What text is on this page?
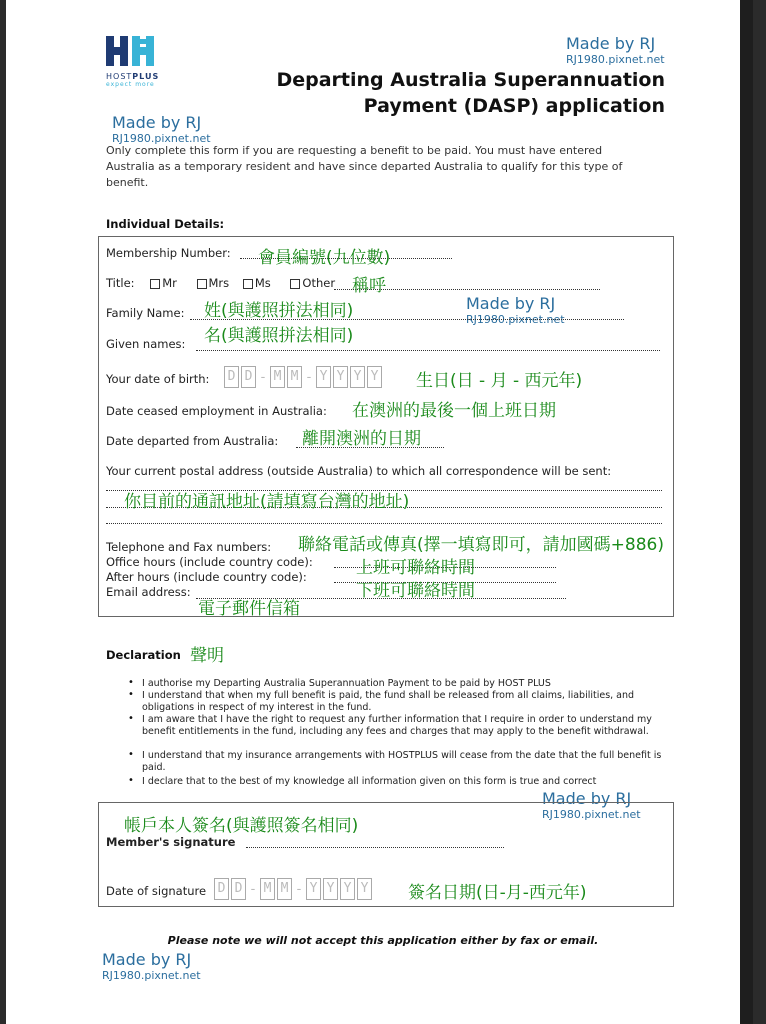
HOSTPLUS
expect more
Made by RJ
RJ1980.pixnet.net
Made by RJ
RJ1980.pixnet.net
Made by RJ
RJ1980.pixnet.net
Made by RJ
RJ1980.pixnet.net
Made by RJ
RJ1980.pixnet.net
Departing Australia Superannuation
Payment (DASP) application
Only complete this form if you are requesting a benefit to be paid. You must have entered Australia as a temporary resident and have since departed Australia to qualify for this type of benefit.
Individual Details:
Membership Number: 會員編號(九位數)
Title: Mr	Mrs Ms	Other 稱呼
Family Name: 姓(與護照拼法相同)
Given names: 名(與護照拼法相同)
Your date of birth: D D - M M - Y Y Y Y 生日(日 - 月 - 西元年)
Date ceased employment in Australia: 在澳洲的最後一個上班日期
Date departed from Australia: 離開澳洲的日期
Your current postal address (outside Australia) to which all correspondence will be sent:
你目前的通訊地址(請填寫台灣的地址)
Telephone and Fax numbers: 聯絡電話或傳真(擇一填寫即可，請加國碼+886)
Office hours (include country code):	上班可聯絡時間
After hours (include country code):
下班可聯絡時間
Email address:
電子郵件信箱
Declaration 聲明
• I authorise my Departing Australia Superannuation Payment to be paid by HOST PLUS
• I understand that when my full benefit is paid, the fund shall be released from all claims, liabilities, and obligations in respect of my interest in the fund.
• I am aware that I have the right to request any further information that I require in order to understand my benefit entitlements in the fund, including any fees and charges that may apply to the benefit withdrawal.
• I understand that my insurance arrangements with HOSTPLUS will cease from the date that the full benefit is paid.
• I declare that to the best of my knowledge all information given on this form is true and correct
帳戶本人簽名(與護照簽名相同)
Member's signature
Date of signature D D - M M - Y Y Y Y 簽名日期(日-月-西元年)
Please note we will not accept this application either by fax or email.
